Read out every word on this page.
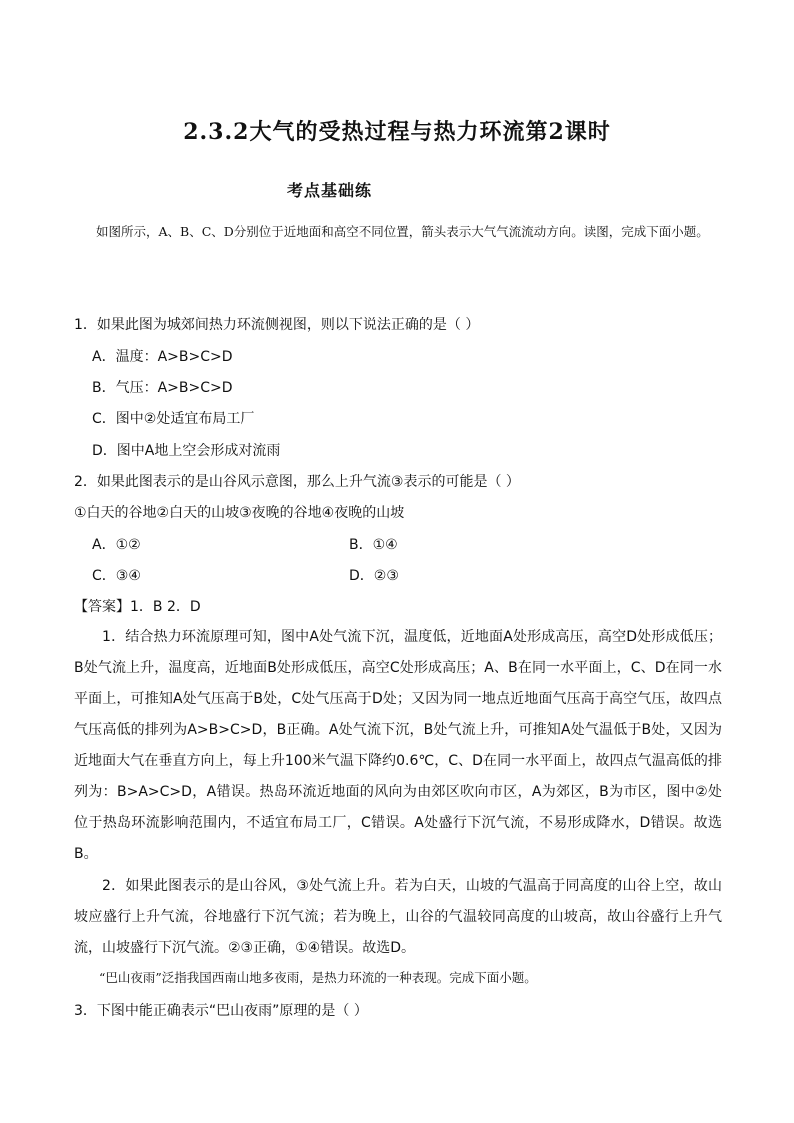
2.3.2大气的受热过程与热力环流第2课时
考点基础练
如图所示，A、B、C、D分别位于近地面和高空不同位置，箭头表示大气气流流动方向。读图，完成下面小题。
1．如果此图为城郊间热力环流侧视图，则以下说法正确的是（ ）
A．温度：A>B>C>D
B．气压：A>B>C>D
C．图中②处适宜布局工厂
D．图中A地上空会形成对流雨
2．如果此图表示的是山谷风示意图，那么上升气流③表示的可能是（ ）
①白天的谷地②白天的山坡③夜晚的谷地④夜晚的山坡
A．①②	B．①④
C．③④	D．②③
【答案】1．B 2．D
1．结合热力环流原理可知，图中A处气流下沉，温度低，近地面A处形成高压，高空D处形成低压；B处气流上升，温度高，近地面B处形成低压，高空C处形成高压；A、B在同一水平面上，C、D在同一水平面上，可推知A处气压高于B处，C处气压高于D处；又因为同一地点近地面气压高于高空气压，故四点气压高低的排列为A>B>C>D，B正确。A处气流下沉，B处气流上升，可推知A处气温低于B处，又因为近地面大气在垂直方向上，每上升100米气温下降约0.6℃，C、D在同一水平面上，故四点气温高低的排列为：B>A>C>D，A错误。热岛环流近地面的风向为由郊区吹向市区，A为郊区，B为市区，图中②处位于热岛环流影响范围内，不适宜布局工厂，C错误。A处盛行下沉气流，不易形成降水，D错误。故选B。
2．如果此图表示的是山谷风，③处气流上升。若为白天，山坡的气温高于同高度的山谷上空，故山坡应盛行上升气流，谷地盛行下沉气流；若为晚上，山谷的气温较同高度的山坡高，故山谷盛行上升气流，山坡盛行下沉气流。②③正确，①④错误。故选D。
“巴山夜雨”泛指我国西南山地多夜雨，是热力环流的一种表现。完成下面小题。
3．下图中能正确表示“巴山夜雨”原理的是（ ）
